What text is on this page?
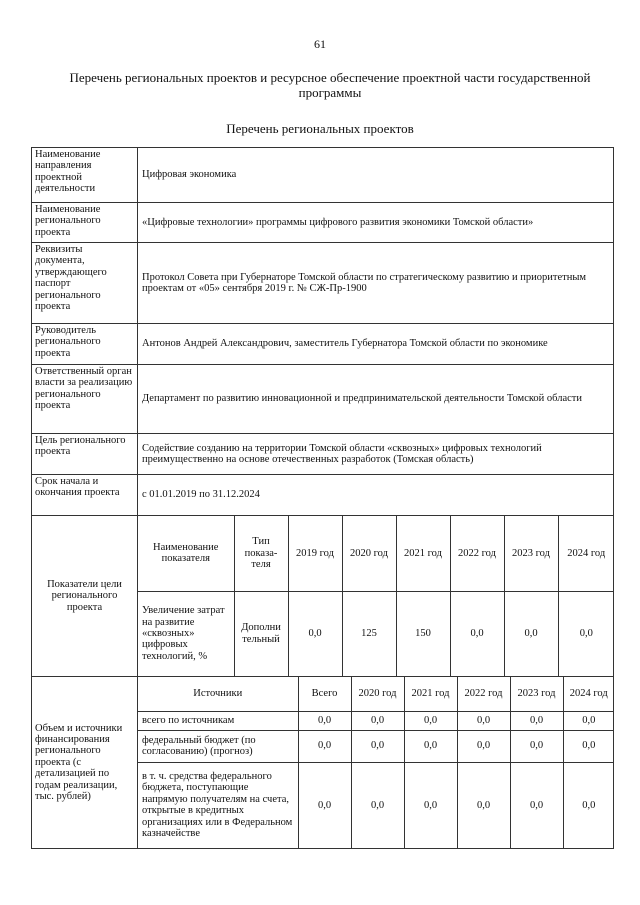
61
Перечень региональных проектов и ресурсное обеспечение проектной части государственной программы
Перечень региональных проектов
Наименование направления проектной деятельности	Цифровая экономика
Наименование регионального проекта	«Цифровые технологии» программы цифрового развития экономики Томской области»
Реквизиты документа, утверждающего паспорт регионального проекта	Протокол Совета при Губернаторе Томской области по стратегическому развитию и приоритетным проектам от «05» сентября 2019 г. № СЖ-Пр-1900
Руководитель регионального проекта	Антонов Андрей Александрович, заместитель Губернатора Томской области по экономике
Ответственный орган власти за реализацию регионального проекта	Департамент по развитию инновационной и предпринимательской деятельности Томской области
Цель регионального проекта	Содействие созданию на территории Томской области «сквозных» цифровых технологий преимущественно на основе отечественных разработок (Томская область)
Срок начала и окончания проекта	с 01.01.2019 по 31.12.2024
Показатели цели регионального проекта	
Наименование показателя	Тип показа-теля	2019 год	2020 год	2021 год	2022 год	2023 год	2024 год
Увеличение затрат на развитие «сквозных» цифровых технологий, %	Дополни тельный	0,0	125	150	0,0	0,0	0,0

Объем и источники финансирования регионального проекта (с детализацией по годам реализации, тыс. рублей)	
Источники	Всего	2020 год	2021 год	2022 год	2023 год	2024 год
всего по источникам	0,0	0,0	0,0	0,0	0,0	0,0
федеральный бюджет (по согласованию) (прогноз)	0,0	0,0	0,0	0,0	0,0	0,0
в т. ч. средства федерального бюджета, поступающие напрямую получателям на счета, открытые в кредитных организациях или в Федеральном казначействе	0,0	0,0	0,0	0,0	0,0	0,0
